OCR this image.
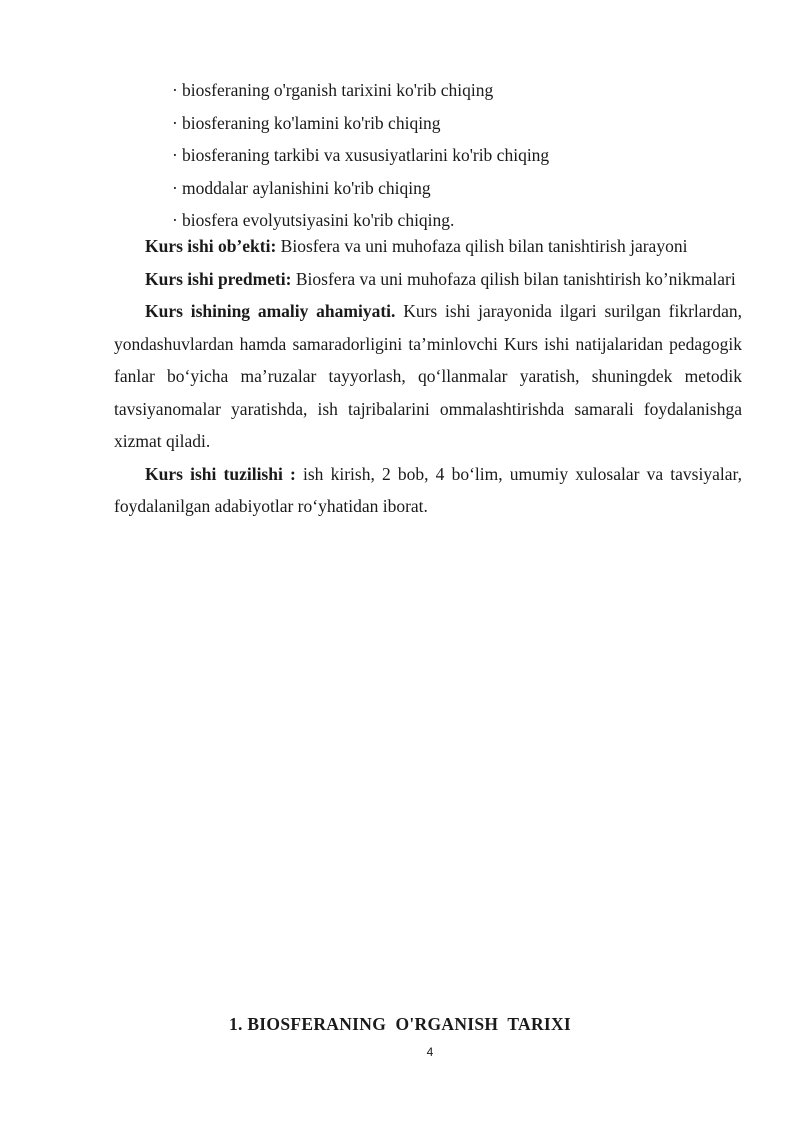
· biosferaning o'rganish tarixini ko'rib chiqing
· biosferaning ko'lamini ko'rib chiqing
· biosferaning tarkibi va xususiyatlarini ko'rib chiqing
· moddalar aylanishini ko'rib chiqing
· biosfera evolyutsiyasini ko'rib chiqing.

Kurs ishi ob’ekti: Biosfera va uni muhofaza qilish bilan tanishtirish jarayoni

Kurs ishi predmeti: Biosfera va uni muhofaza qilish bilan tanishtirish ko’nikmalari

Kurs ishining amaliy ahamiyati. Kurs ishi jarayonida ilgari surilgan fikrlardan, yondashuvlardan hamda samaradorligini ta’minlovchi Kurs ishi natijalaridan pedagogik fanlar bo‘yicha ma’ruzalar tayyorlash, qo‘llanmalar yaratish, shuningdek metodik tavsiyanomalar yaratishda, ish tajribalarini ommalashtirishda samarali foydalanishga xizmat qiladi.

Kurs ishi tuzilishi : ish kirish, 2 bob, 4 bo‘lim, umumiy xulosalar va tavsiyalar, foydalanilgan adabiyotlar ro‘yhatidan iborat.

1. BIOSFERANING  O'RGANISH  TARIXI
4
